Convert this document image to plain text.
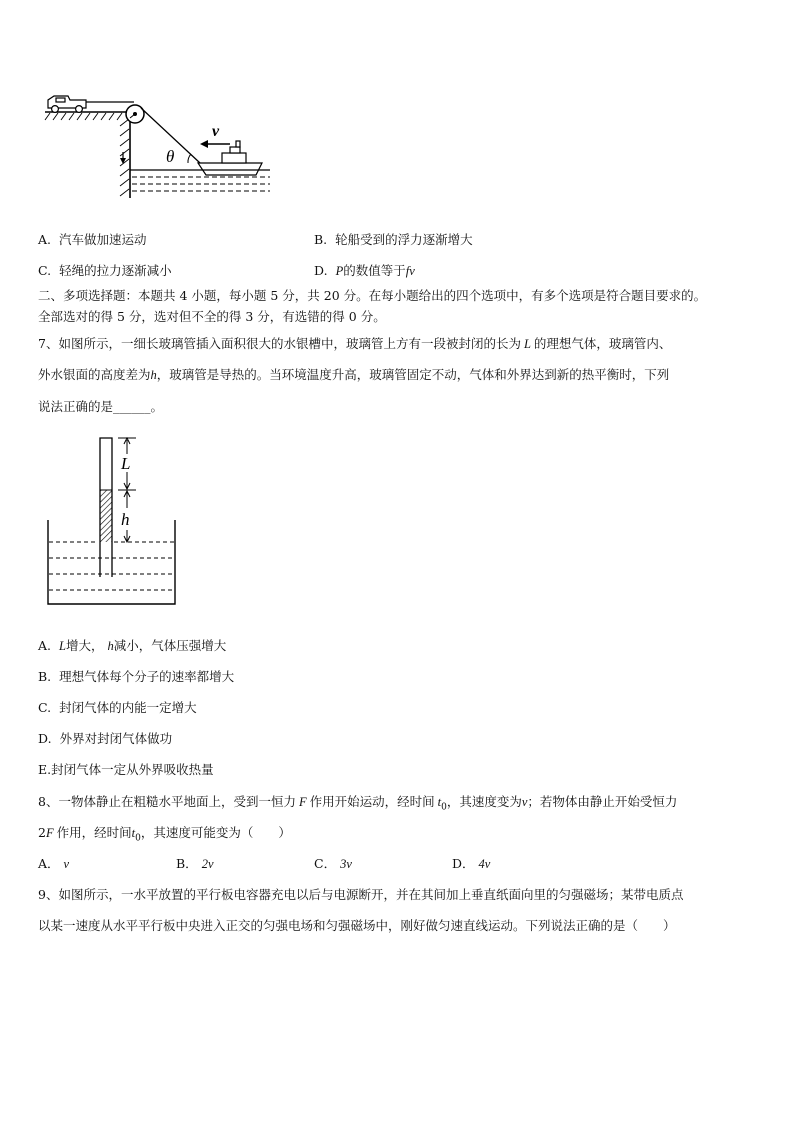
θ
v
A. 汽车做加速运动	B. 轮船受到的浮力逐渐增大
C. 轻绳的拉力逐渐减小	D. P的数值等于fv
二、多项选择题：本题共 4 小题，每小题 5 分，共 20 分。在每小题给出的四个选项中，有多个选项是符合题目要求的。
全部选对的得 5 分，选对但不全的得 3 分，有选错的得 0 分。
7、如图所示，一细长玻璃管插入面积很大的水银槽中，玻璃管上方有一段被封闭的长为 L 的理想气体，玻璃管内、
外水银面的高度差为h，玻璃管是导热的。当环境温度升高，玻璃管固定不动，气体和外界达到新的热平衡时，下列
说法正确的是______。
L
h
A. L增大， h减小，气体压强增大
B. 理想气体每个分子的速率都增大
C. 封闭气体的内能一定增大
D. 外界对封闭气体做功
E.封闭气体一定从外界吸收热量
8、一物体静止在粗糙水平地面上，受到一恒力 F 作用开始运动，经时间 $t_0$，其速度变为v；若物体由静止开始受恒力
2F 作用，经时间$t_0$，其速度可能变为（　　）
A． v	B． 2v	C． 3v	D． 4v
9、如图所示，一水平放置的平行板电容器充电以后与电源断开，并在其间加上垂直纸面向里的匀强磁场；某带电质点
以某一速度从水平平行板中央进入正交的匀强电场和匀强磁场中，刚好做匀速直线运动。下列说法正确的是（　　）
